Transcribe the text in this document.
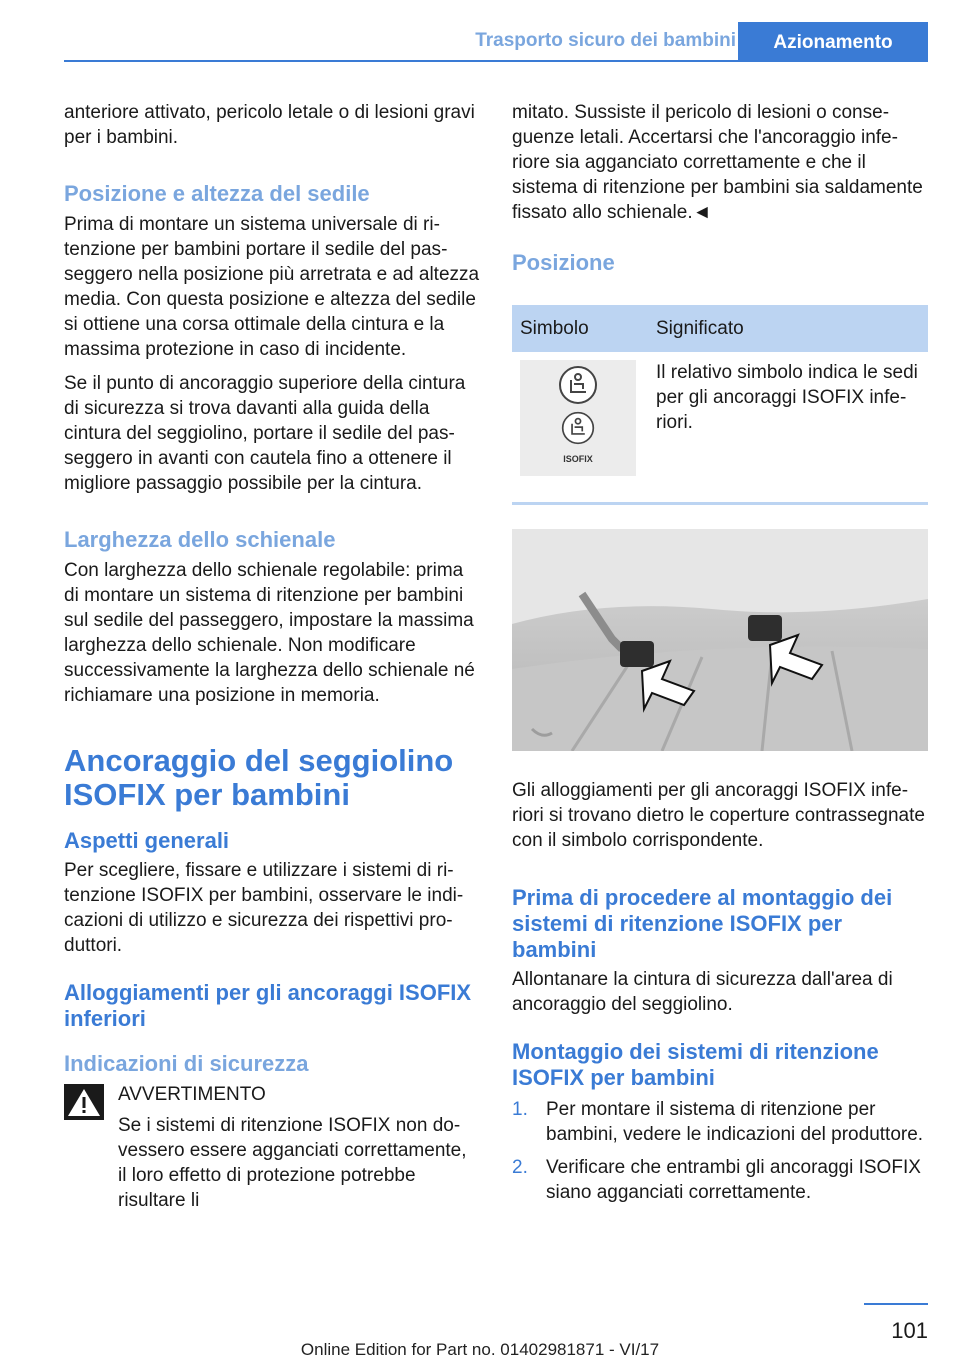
Trasporto sicuro dei bambini	Azionamento

anteriore attivato, pericolo letale o di lesioni gravi per i bambini.

Posizione e altezza del sedile

Prima di montare un sistema universale di ritenzione per bambini portare il sedile del passeggero nella posizione più arretrata e ad altezza media. Con questa posizione e altezza del sedile si ottiene una corsa ottimale della cintura e la massima protezione in caso di incidente.

Se il punto di ancoraggio superiore della cintura di sicurezza si trova davanti alla guida della cintura del seggiolino, portare il sedile del passeggero in avanti con cautela fino a ottenere il migliore passaggio possibile per la cintura.

Larghezza dello schienale

Con larghezza dello schienale regolabile: prima di montare un sistema di ritenzione per bambini sul sedile del passeggero, impostare la massima larghezza dello schienale. Non modificare successivamente la larghezza dello schienale né richiamare una posizione in memoria.

Ancoraggio del seggiolino ISOFIX per bambini
Aspetti generali

Per scegliere, fissare e utilizzare i sistemi di ritenzione ISOFIX per bambini, osservare le indicazioni di utilizzo e sicurezza dei rispettivi produttori.

Alloggiamenti per gli ancoraggi ISOFIX inferiori
Indicazioni di sicurezza
AVVERTIMENTO

Se i sistemi di ritenzione ISOFIX non dovessero essere agganciati correttamente, il loro effetto di protezione potrebbe risultare li

mitato. Sussiste il pericolo di lesioni o conseguenze letali. Accertarsi che l'ancoraggio inferiore sia agganciato correttamente e che il sistema di ritenzione per bambini sia saldamente fissato allo schienale.◄

Posizione
Simbolo	Significato

ISOFIX	Il relativo simbolo indica le sedi per gli ancoraggi ISOFIX inferiori.

Gli alloggiamenti per gli ancoraggi ISOFIX inferiori si trovano dietro le coperture contrassegnate con il simbolo corrispondente.

Prima di procedere al montaggio dei sistemi di ritenzione ISOFIX per bambini

Allontanare la cintura di sicurezza dall'area di ancoraggio del seggiolino.

Montaggio dei sistemi di ritenzione ISOFIX per bambini
1. Per montare il sistema di ritenzione per bambini, vedere le indicazioni del produttore.
2. Verificare che entrambi gli ancoraggi ISOFIX siano agganciati correttamente.
101
Online Edition for Part no. 01402981871 - VI/17
